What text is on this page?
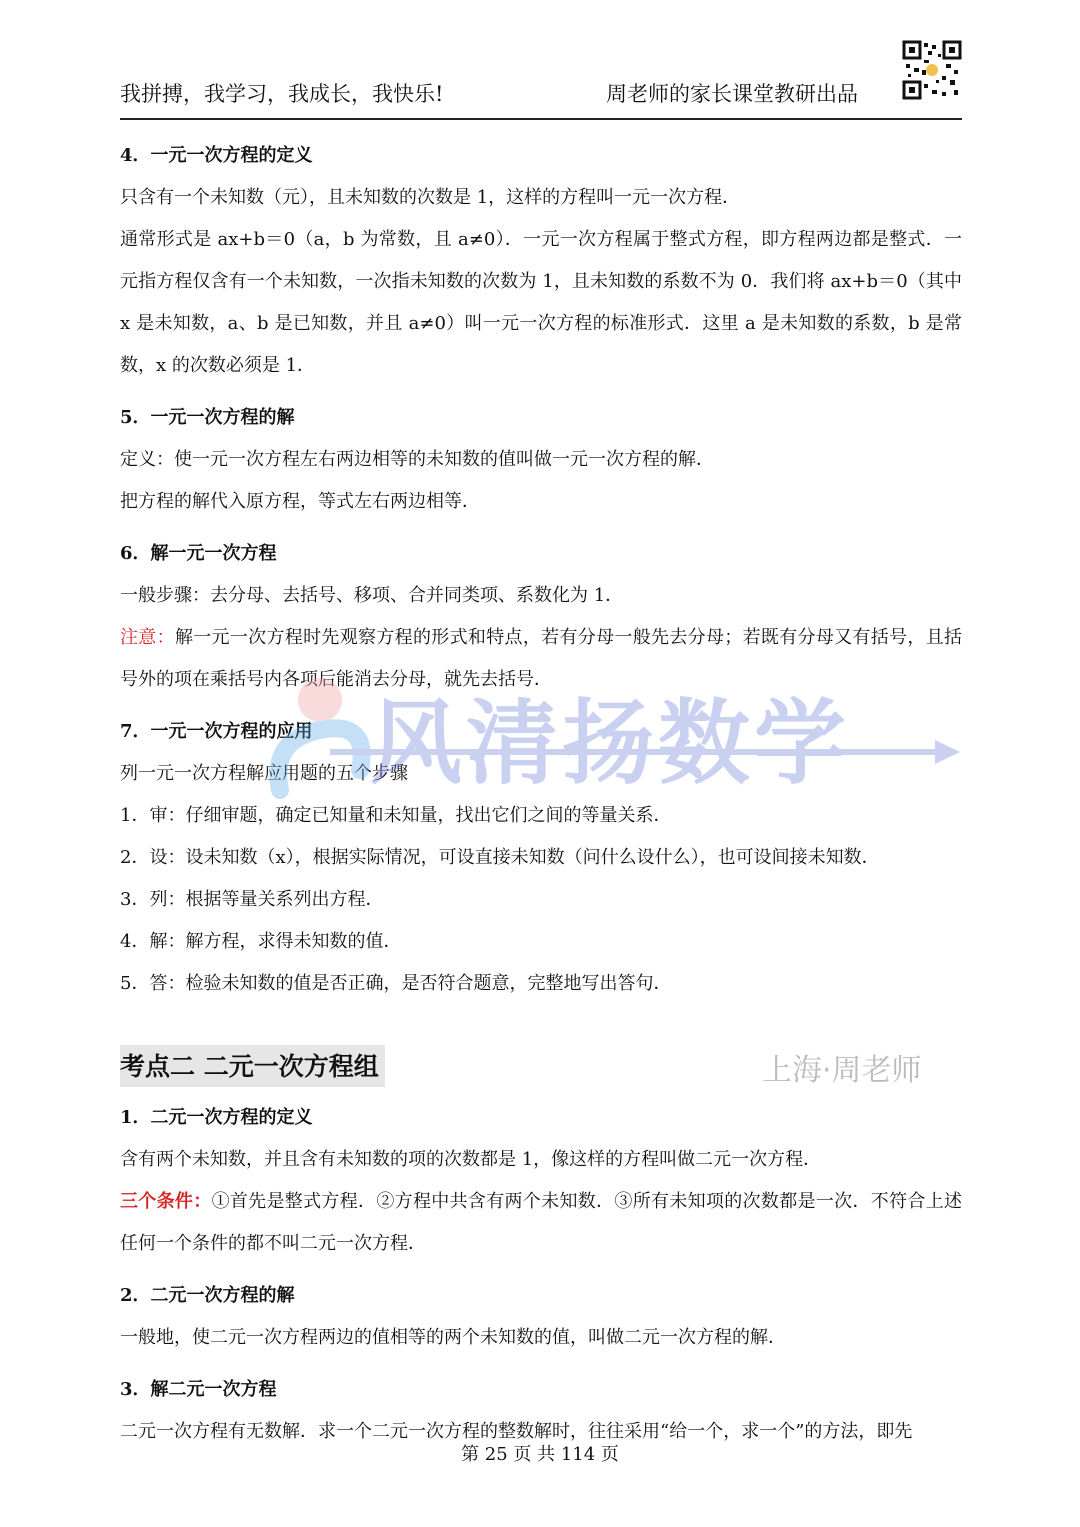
我拼搏，我学习，我成长，我快乐!	周老师的家长课堂教研出品
4．一元一次方程的定义

只含有一个未知数（元），且未知数的次数是 1，这样的方程叫一元一次方程．

通常形式是 ax+b＝0（a，b 为常数，且 a≠0）．一元一次方程属于整式方程，即方程两边都是整式．一元指方程仅含有一个未知数，一次指未知数的次数为 1，且未知数的系数不为 0．我们将 ax+b＝0（其中 x 是未知数，a、b 是已知数，并且 a≠0）叫一元一次方程的标准形式．这里 a 是未知数的系数，b 是常数，x 的次数必须是 1．

5．一元一次方程的解

定义：使一元一次方程左右两边相等的未知数的值叫做一元一次方程的解．

把方程的解代入原方程，等式左右两边相等．

6．解一元一次方程

一般步骤：去分母、去括号、移项、合并同类项、系数化为 1．

注意：解一元一次方程时先观察方程的形式和特点，若有分母一般先去分母；若既有分母又有括号，且括号外的项在乘括号内各项后能消去分母，就先去括号．

7．一元一次方程的应用

列一元一次方程解应用题的五个步骤

1．审：仔细审题，确定已知量和未知量，找出它们之间的等量关系．

2．设：设未知数（x），根据实际情况，可设直接未知数（问什么设什么），也可设间接未知数．

3．列：根据等量关系列出方程．

4．解：解方程，求得未知数的值．

5．答：检验未知数的值是否正确，是否符合题意，完整地写出答句．

考点二 二元一次方程组
1．二元一次方程的定义

含有两个未知数，并且含有未知数的项的次数都是 1，像这样的方程叫做二元一次方程．

三个条件：①首先是整式方程．②方程中共含有两个未知数．③所有未知项的次数都是一次．不符合上述任何一个条件的都不叫二元一次方程．

2．二元一次方程的解

一般地，使二元一次方程两边的值相等的两个未知数的值，叫做二元一次方程的解．

3．解二元一次方程

二元一次方程有无数解．求一个二元一次方程的整数解时，往往采用“给一个，求一个”的方法，即先

风清扬数学
上海·周老师
第 25 页 共 114 页
